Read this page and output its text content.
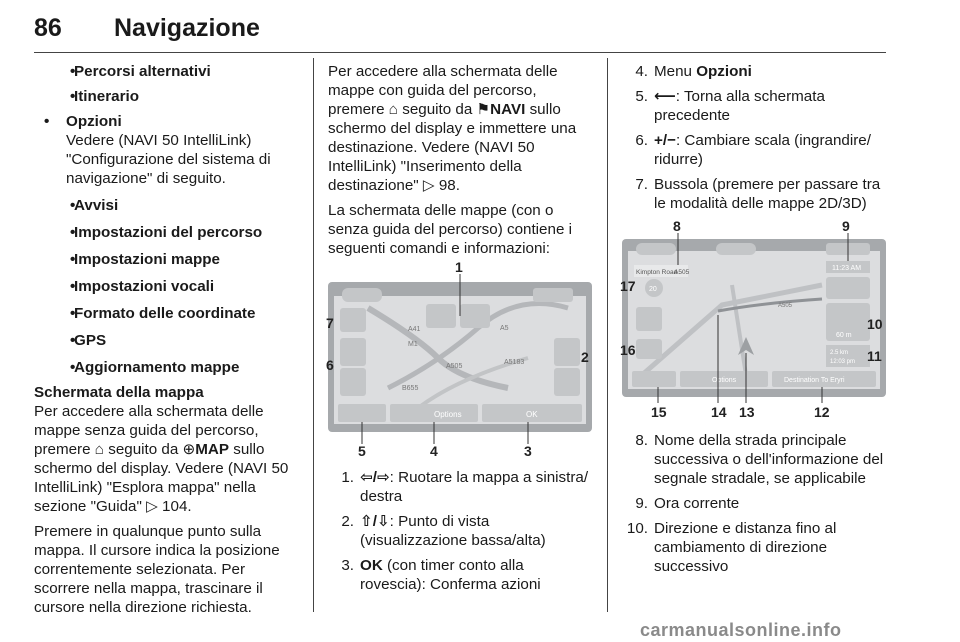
86 Navigazione
•
Percorsi alternativi
•
Itinerario
•	Opzioni

Vedere (NAVI 50 IntelliLink) "Configurazione del sistema di navigazione" di seguito.

•
Avvisi
•
Impostazioni del percorso
•
Impostazioni mappe
•
Impostazioni vocali
•
Formato delle coordinate
•
GPS
•
Aggiornamento mappe

Schermata della mappa

Per accedere alla schermata delle mappe senza guida del percorso, premere ⌂ seguito da ⊕MAP sullo schermo del display. Vedere (NAVI 50 IntelliLink) "Esplora mappa" nella sezione "Guida" ▷ 104.

Premere in qualunque punto sulla mappa. Il cursore indica la posizione correntemente selezionata. Per scorrere nella mappa, trascinare il cursore nella direzione richiesta.

Per accedere alla schermata delle mappe con guida del percorso, premere ⌂ seguito da ⚑NAVI sullo schermo del display e immettere una destinazione. Vedere (NAVI 50 IntelliLink) "Inserimento della destinazione" ▷ 98.

La schermata delle mappe (con o senza guida del percorso) contiene i seguenti comandi e informazioni:

Options	OK
A41
M1
A5
A505
B655
A5183
1
2
3
4
5
6
7
1. ⇦/⇨: Ruotare la mappa a sinistra/ destra
2. ⇧/⇩: Punto di vista (visualizzazione bassa/alta)
3. OK (con timer conto alla rovescia): Conferma azioni
4. Menu Opzioni
5. ⟵: Torna alla schermata precedente
6. +/−: Cambiare scala (ingrandire/ ridurre)
7. Bussola (premere per passare tra le modalità delle mappe 2D/3D)
Kimpton Road
A505
20
11:23 AM
60 m
2.5 km
12:03 pm
A505
Options	Destination To Eryri
8	9
10
11
12
13
14
15
16
17
8. Nome della strada principale successiva o dell'informazione del segnale stradale, se applicabile
9. Ora corrente
10. Direzione e distanza fino al cambiamento di direzione successivo
carmanualsonline.info
